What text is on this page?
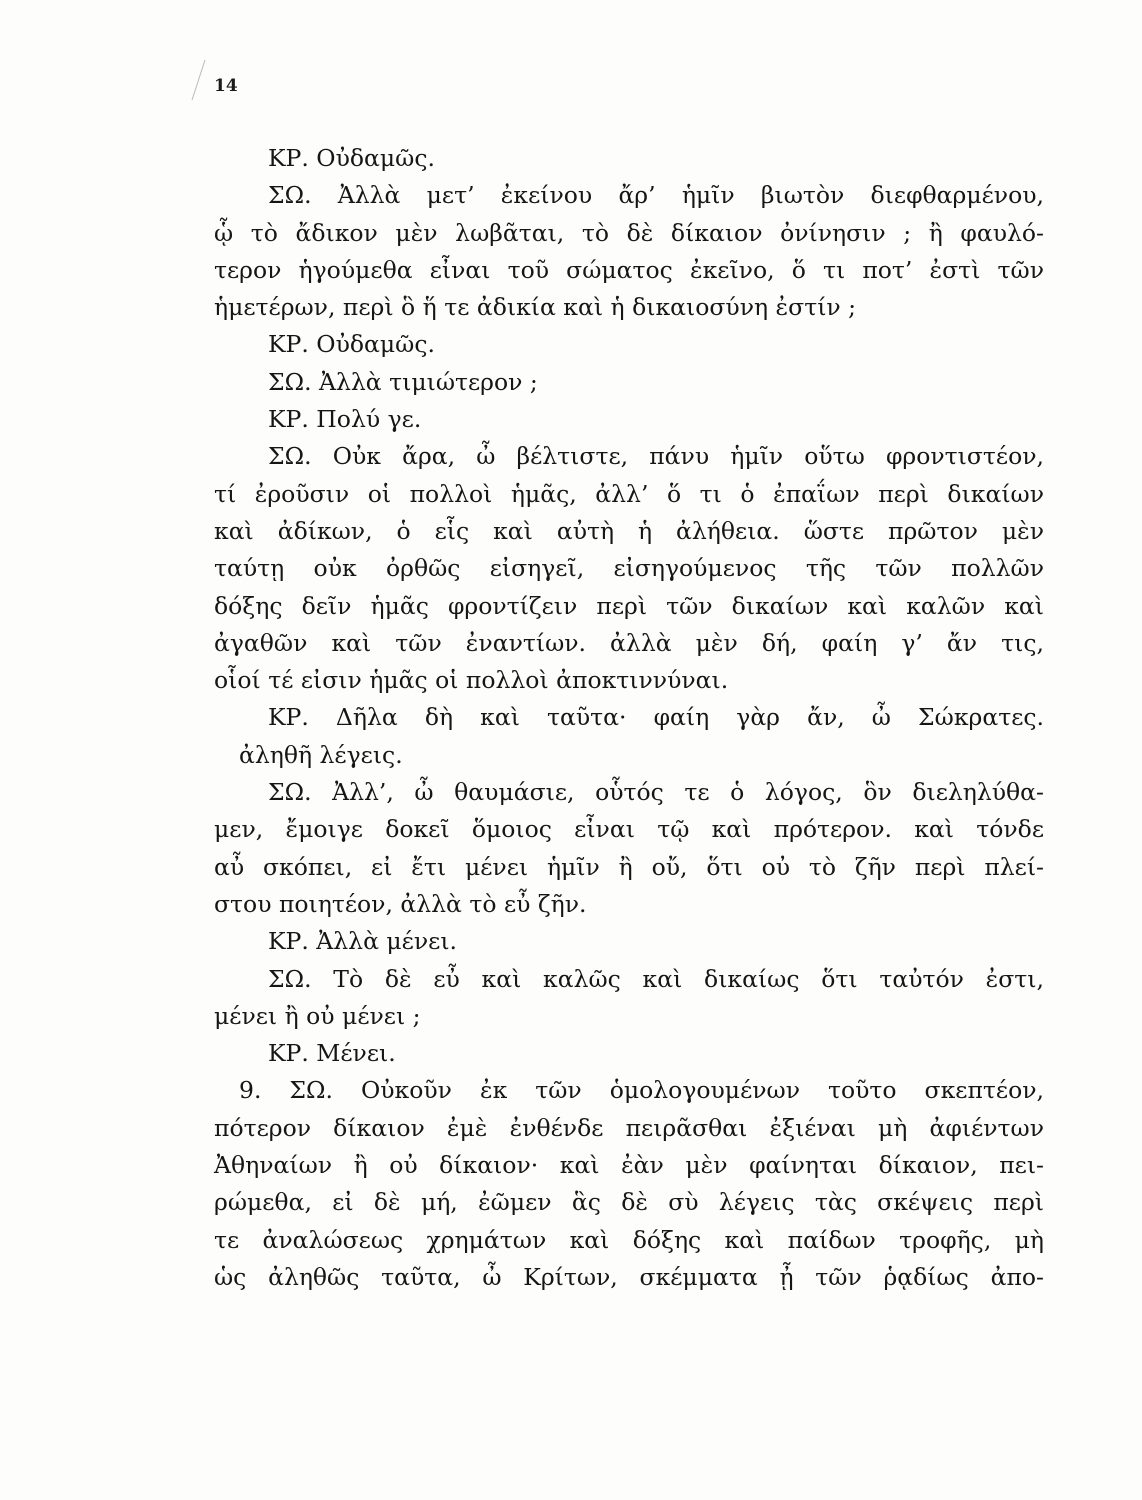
14
ΚΡ. Οὐδαμῶς.
ΣΩ. Ἀλλὰ μετ’ ἐκείνου ἄρ’ ἡμῖν βιωτὸν διεφθαρμένου,
ᾧ τὸ ἄδικον μὲν λωβᾶται, τὸ δὲ δίκαιον ὀνίνησιν ; ἢ φαυλό-
τερον ἡγούμεθα εἶναι τοῦ σώματος ἐκεῖνο, ὅ τι ποτ’ ἐστὶ τῶν
ἡμετέρων, περὶ ὃ ἥ τε ἀδικία καὶ ἡ δικαιοσύνη ἐστίν ;
ΚΡ. Οὐδαμῶς.
ΣΩ. Ἀλλὰ τιμιώτερον ;
ΚΡ. Πολύ γε.
ΣΩ. Οὐκ ἄρα, ὦ βέλτιστε, πάνυ ἡμῖν οὕτω φροντιστέον,
τί ἐροῦσιν οἱ πολλοὶ ἡμᾶς, ἀλλ’ ὅ τι ὁ ἐπαΐων περὶ δικαίων
καὶ ἀδίκων, ὁ εἷς καὶ αὐτὴ ἡ ἀλήθεια. ὥστε πρῶτον μὲν
ταύτῃ οὐκ ὀρθῶς εἰσηγεῖ, εἰσηγούμενος τῆς τῶν πολλῶν
δόξης δεῖν ἡμᾶς φροντίζειν περὶ τῶν δικαίων καὶ καλῶν καὶ
ἀγαθῶν καὶ τῶν ἐναντίων. ἀλλὰ μὲν δή, φαίη γ’ ἄν τις,
οἷοί τέ εἰσιν ἡμᾶς οἱ πολλοὶ ἀποκτιννύναι.
ΚΡ. Δῆλα δὴ καὶ ταῦτα· φαίη γὰρ ἄν, ὦ Σώκρατες.
ἀληθῆ λέγεις.
ΣΩ. Ἀλλ’, ὦ θαυμάσιε, οὗτός τε ὁ λόγος, ὃν διεληλύθα-
μεν, ἔμοιγε δοκεῖ ὅμοιος εἶναι τῷ καὶ πρότερον. καὶ τόνδε
αὖ σκόπει, εἰ ἔτι μένει ἡμῖν ἢ οὔ, ὅτι οὐ τὸ ζῆν περὶ πλεί-
στου ποιητέον, ἀλλὰ τὸ εὖ ζῆν.
ΚΡ. Ἀλλὰ μένει.
ΣΩ. Τὸ δὲ εὖ καὶ καλῶς καὶ δικαίως ὅτι ταὐτόν ἐστι,
μένει ἢ οὐ μένει ;
ΚΡ. Μένει.
9. ΣΩ. Οὐκοῦν ἐκ τῶν ὁμολογουμένων τοῦτο σκεπτέον,
πότερον δίκαιον ἐμὲ ἐνθένδε πειρᾶσθαι ἐξιέναι μὴ ἀφιέντων
Ἀθηναίων ἢ οὐ δίκαιον· καὶ ἐὰν μὲν φαίνηται δίκαιον, πει-
ρώμεθα, εἰ δὲ μή, ἐῶμεν ἃς δὲ σὺ λέγεις τὰς σκέψεις περὶ
τε ἀναλώσεως χρημάτων καὶ δόξης καὶ παίδων τροφῆς, μὴ
ὡς ἀληθῶς ταῦτα, ὦ Κρίτων, σκέμματα ᾖ τῶν ῥᾳδίως ἀπο-
